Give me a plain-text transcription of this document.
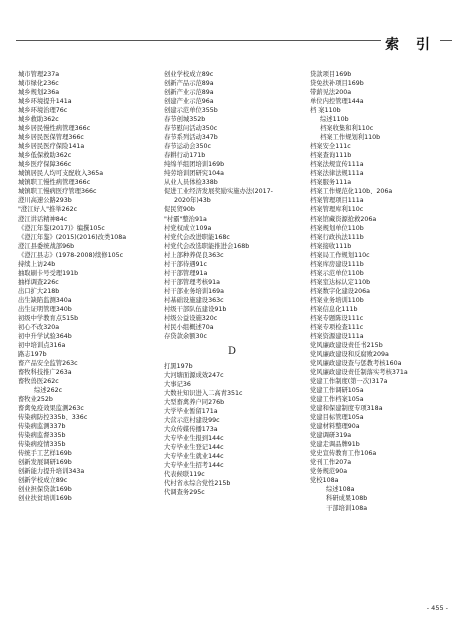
索 引
城市管理237a
城市绿化236c
城乡规划236a
城乡环境提升141a
城乡环境治理76c
城乡救助362c
城乡居民慢性病管理366c
城乡居民医保管理366c
城乡居民医疗保险141a
城乡低保救助362c
城乡医疗保障366c
城镇居民人均可支配收入365a
城镇职工慢性病管理366c
城镇职工慢病医疗管理366c
澄川高速公路293b
"澄江好人"推举262c
澄江讲话精神84c
《澄江年鉴(2017)》编撰105c
《澄江年鉴》(2015)(2016)改类108a
澄江县委统战部96b
《澄江县志》(1978-2008)续修105c
持续上访24b
抽取刷卡号受理191b
抽样调查226c
出口扩大218b
出生缺陷监测340a
出生证明管理340b
初级中学教育点515b
初心不改320a
初中升学试验364b
初中培训点316a
路志197b
畜产品安全监管263c
畜牧科技推广263a
畜牧兽医262c
综述262c
畜牧业252b
畜禽免疫效果监测263c
传染病防控335b、336c
传染病监测337b
传染病监督335b
传染病疫情335b
传统手工艺样169b
创新发展调研169b
创新能力提升培训343a
创新学校成立89c
创业担保贷款169b
创业扶贫培训169b
创业学校成立89c
创新产品示范89a
创新产业示范89a
创建产业示范96a
创建示范单位355b
春节创城352b
春节慰问活动350c
春节系列活动347b
春节运动会350c
春耕行动171b
纯绵羊组团培训169b
纯劳培训团研究104a
从业人员体检338b
促进工业经济发展奖励实施办法(2017-
2020年)43b
促民贸90b
"村霸"整治91a
村党权成立109a
村党代会改进职能168c
村党代会改选职能推进会168b
村上部种养促良363c
村干部待遇91c
村干部管理91a
村干部管理考核91a
村干部业务培训169a
村基础设施建设363c
村级干部队伍建设91b
村级公益设施320c
村民小组概述70a
存贷款余额30c
D
打黑197b
大河塘面源成效247c
大事记36
大数社知识进入二高青351c
大型畜禽养户同276b
大学毕业暂留171a
大营示范村建设99c
大众传媒传播173a
大专毕业生报到144c
大专毕业生登记144c
大专毕业生就业144c
大专毕业生招考144c
代表候联119c
代村省永综合党性215b
代调查务295c
贷款项目169b
贷免扶补项目169b
带薪见法200a
单位内控管理144a
档 案110b
综述110b
档案收集和利110c
档案工作规划利110b
档案安全111c
档案查询111b
档案法规宣传111a
档案法律法规111a
档案服务111a
档案工作规范化110b、206a
档案管理项目111a
档案管理库利110c
档案馆藏资源抢救206a
档案规划单位110b
档案行政执法111b
档案接收111b
档案局工作规划110c
档案库房建设111b
档案示范单位110b
档案室达标认定110b
档案数字化建设206a
档案业务培训110b
档案信息化111b
档案专题陈设111c
档案专项检查111c
档案资源建设111a
党风廉政建设责任书215b
党风廉政建设和反腐败209a
党风廉政建设查与惩教考核160a
党风廉政建设责任制落实考核371a
党建工作制度(第一次)317a
党建工作调研105a
党建工作档案105a
党建和保建制度专项318a
党建目标管理105a
党建材料整理90a
党建调研319a
党建走调品牌91b
党史宣传教育工作106a
党刊工作207a
党务规范90a
党校108a
综述108a
科研成果108b
干部培训108a
- 455 -
